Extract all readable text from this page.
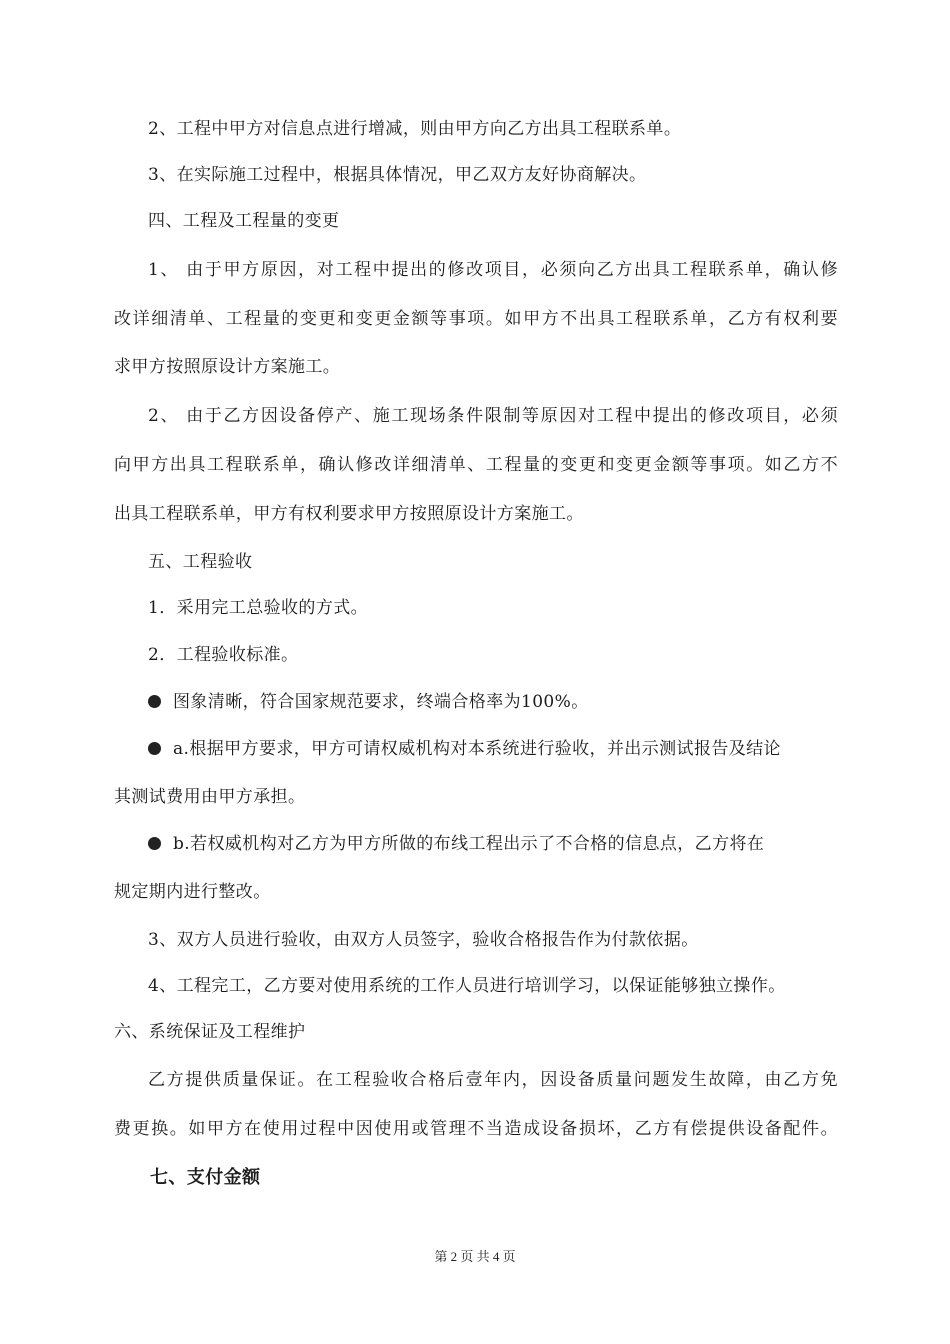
2、工程中甲方对信息点进行增减，则由甲方向乙方出具工程联系单。
3、在实际施工过程中，根据具体情况，甲乙双方友好协商解决。
四、工程及工程量的变更
1、 由于甲方原因，对工程中提出的修改项目，必须向乙方出具工程联系单，确认修
改详细清单、工程量的变更和变更金额等事项。如甲方不出具工程联系单，乙方有权利要
求甲方按照原设计方案施工。
2、 由于乙方因设备停产、施工现场条件限制等原因对工程中提出的修改项目，必须
向甲方出具工程联系单，确认修改详细清单、工程量的变更和变更金额等事项。如乙方不
出具工程联系单，甲方有权利要求甲方按照原设计方案施工。
五、工程验收
1．采用完工总验收的方式。
2．工程验收标准。
图象清晰，符合国家规范要求，终端合格率为100%。
a.根据甲方要求，甲方可请权威机构对本系统进行验收，并出示测试报告及结论
其测试费用由甲方承担。
b.若权威机构对乙方为甲方所做的布线工程出示了不合格的信息点，乙方将在
规定期内进行整改。
3、双方人员进行验收，由双方人员签字，验收合格报告作为付款依据。
4、工程完工，乙方要对使用系统的工作人员进行培训学习，以保证能够独立操作。
六、系统保证及工程维护
乙方提供质量保证。在工程验收合格后壹年内，因设备质量问题发生故障，由乙方免
费更换。如甲方在使用过程中因使用或管理不当造成设备损坏，乙方有偿提供设备配件。
七、支付金额
第 2 页 共 4 页
